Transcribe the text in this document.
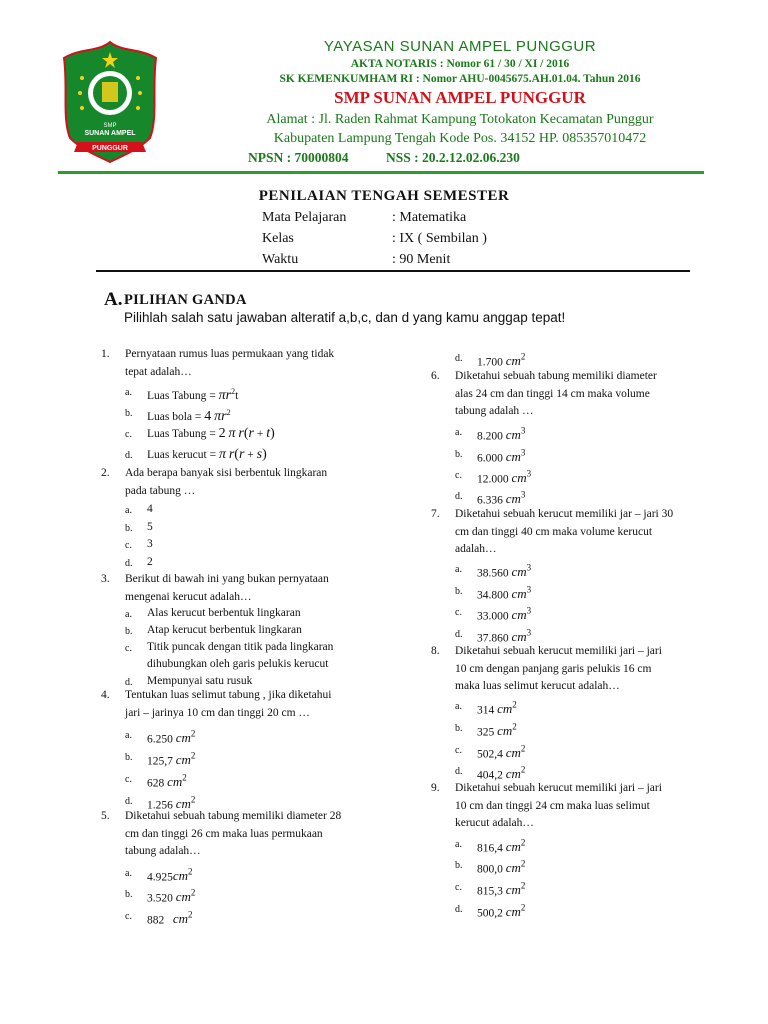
SMP
SUNAN AMPEL
PUNGGUR
YAYASAN SUNAN AMPEL PUNGGUR
AKTA NOTARIS : Nomor 61 / 30 / XI / 2016
SK KEMENKUMHAM RI : Nomor AHU-0045675.AH.01.04. Tahun 2016
SMP SUNAN AMPEL PUNGGUR
Alamat : Jl. Raden Rahmat Kampung Totokaton Kecamatan Punggur
Kabupaten Lampung Tengah Kode Pos. 34152 HP. 085357010472
NPSN : 70000804	NSS : 20.2.12.02.06.230
PENILAIAN TENGAH SEMESTER
Mata Pelajaran	: Matematika
Kelas	: IX ( Sembilan )
Waktu	: 90 Menit
A. PILIHAN GANDA
Pilihlah salah satu jawaban alteratif a,b,c, dan d yang kamu anggap tepat!
1. Pernyataan rumus luas permukaan yang tidak
tepat adalah…
a. Luas Tabung = $\pi r^2t$
b. Luas bola = 4 $\pi r^2$
c. Luas Tabung = 2 π r(r + t)
d. Luas kerucut = π r(r + s)
2. Ada berapa banyak sisi berbentuk lingkaran
pada tabung …
a. 4
b. 5
c. 3
d. 2
3. Berikut di bawah ini yang bukan pernyataan
mengenai kerucut adalah…
a. Alas kerucut berbentuk lingkaran
b. Atap kerucut berbentuk lingkaran
c. Titik puncak dengan titik pada lingkaran
dihubungkan oleh garis pelukis kerucut
d. Mempunyai satu rusuk
4. Tentukan luas selimut tabung , jika diketahui
jari – jarinya 10 cm dan tinggi 20 cm …
a. 6.250 $cm^2$
b. 125,7 $cm^2$
c. 628 $cm^2$
d. 1.256 $cm^2$
5. Diketahui sebuah tabung memiliki diameter 28
cm dan tinggi 26 cm maka luas permukaan
tabung adalah…
a. $4.925cm^2$
b. 3.520 $cm^2$
c. 882 $cm^2$
d. 1.700 $cm^2$
6. Diketahui sebuah tabung memiliki diameter
alas 24 cm dan tinggi 14 cm maka volume
tabung adalah …
a. 8.200 $cm^3$
b. 6.000 $cm^3$
c. 12.000 $cm^3$
d. 6.336 $cm^3$
7. Diketahui sebuah kerucut memiliki jar – jari 30
cm dan tinggi 40 cm maka volume kerucut
adalah…
a. 38.560 $cm^3$
b. 34.800 $cm^3$
c. 33.000 $cm^3$
d. 37.860 $cm^3$
8. Diketahui sebuah kerucut memiliki jari – jari
10 cm dengan panjang garis pelukis 16 cm
maka luas selimut kerucut adalah…
a. 314 $cm^2$
b. 325 $cm^2$
c. 502,4 $cm^2$
d. 404,2 $cm^2$
9. Diketahui sebuah kerucut memiliki jari – jari
10 cm dan tinggi 24 cm maka luas selimut
kerucut adalah…
a. 816,4 $cm^2$
b. 800,0 $cm^2$
c. 815,3 $cm^2$
d. 500,2 $cm^2$
